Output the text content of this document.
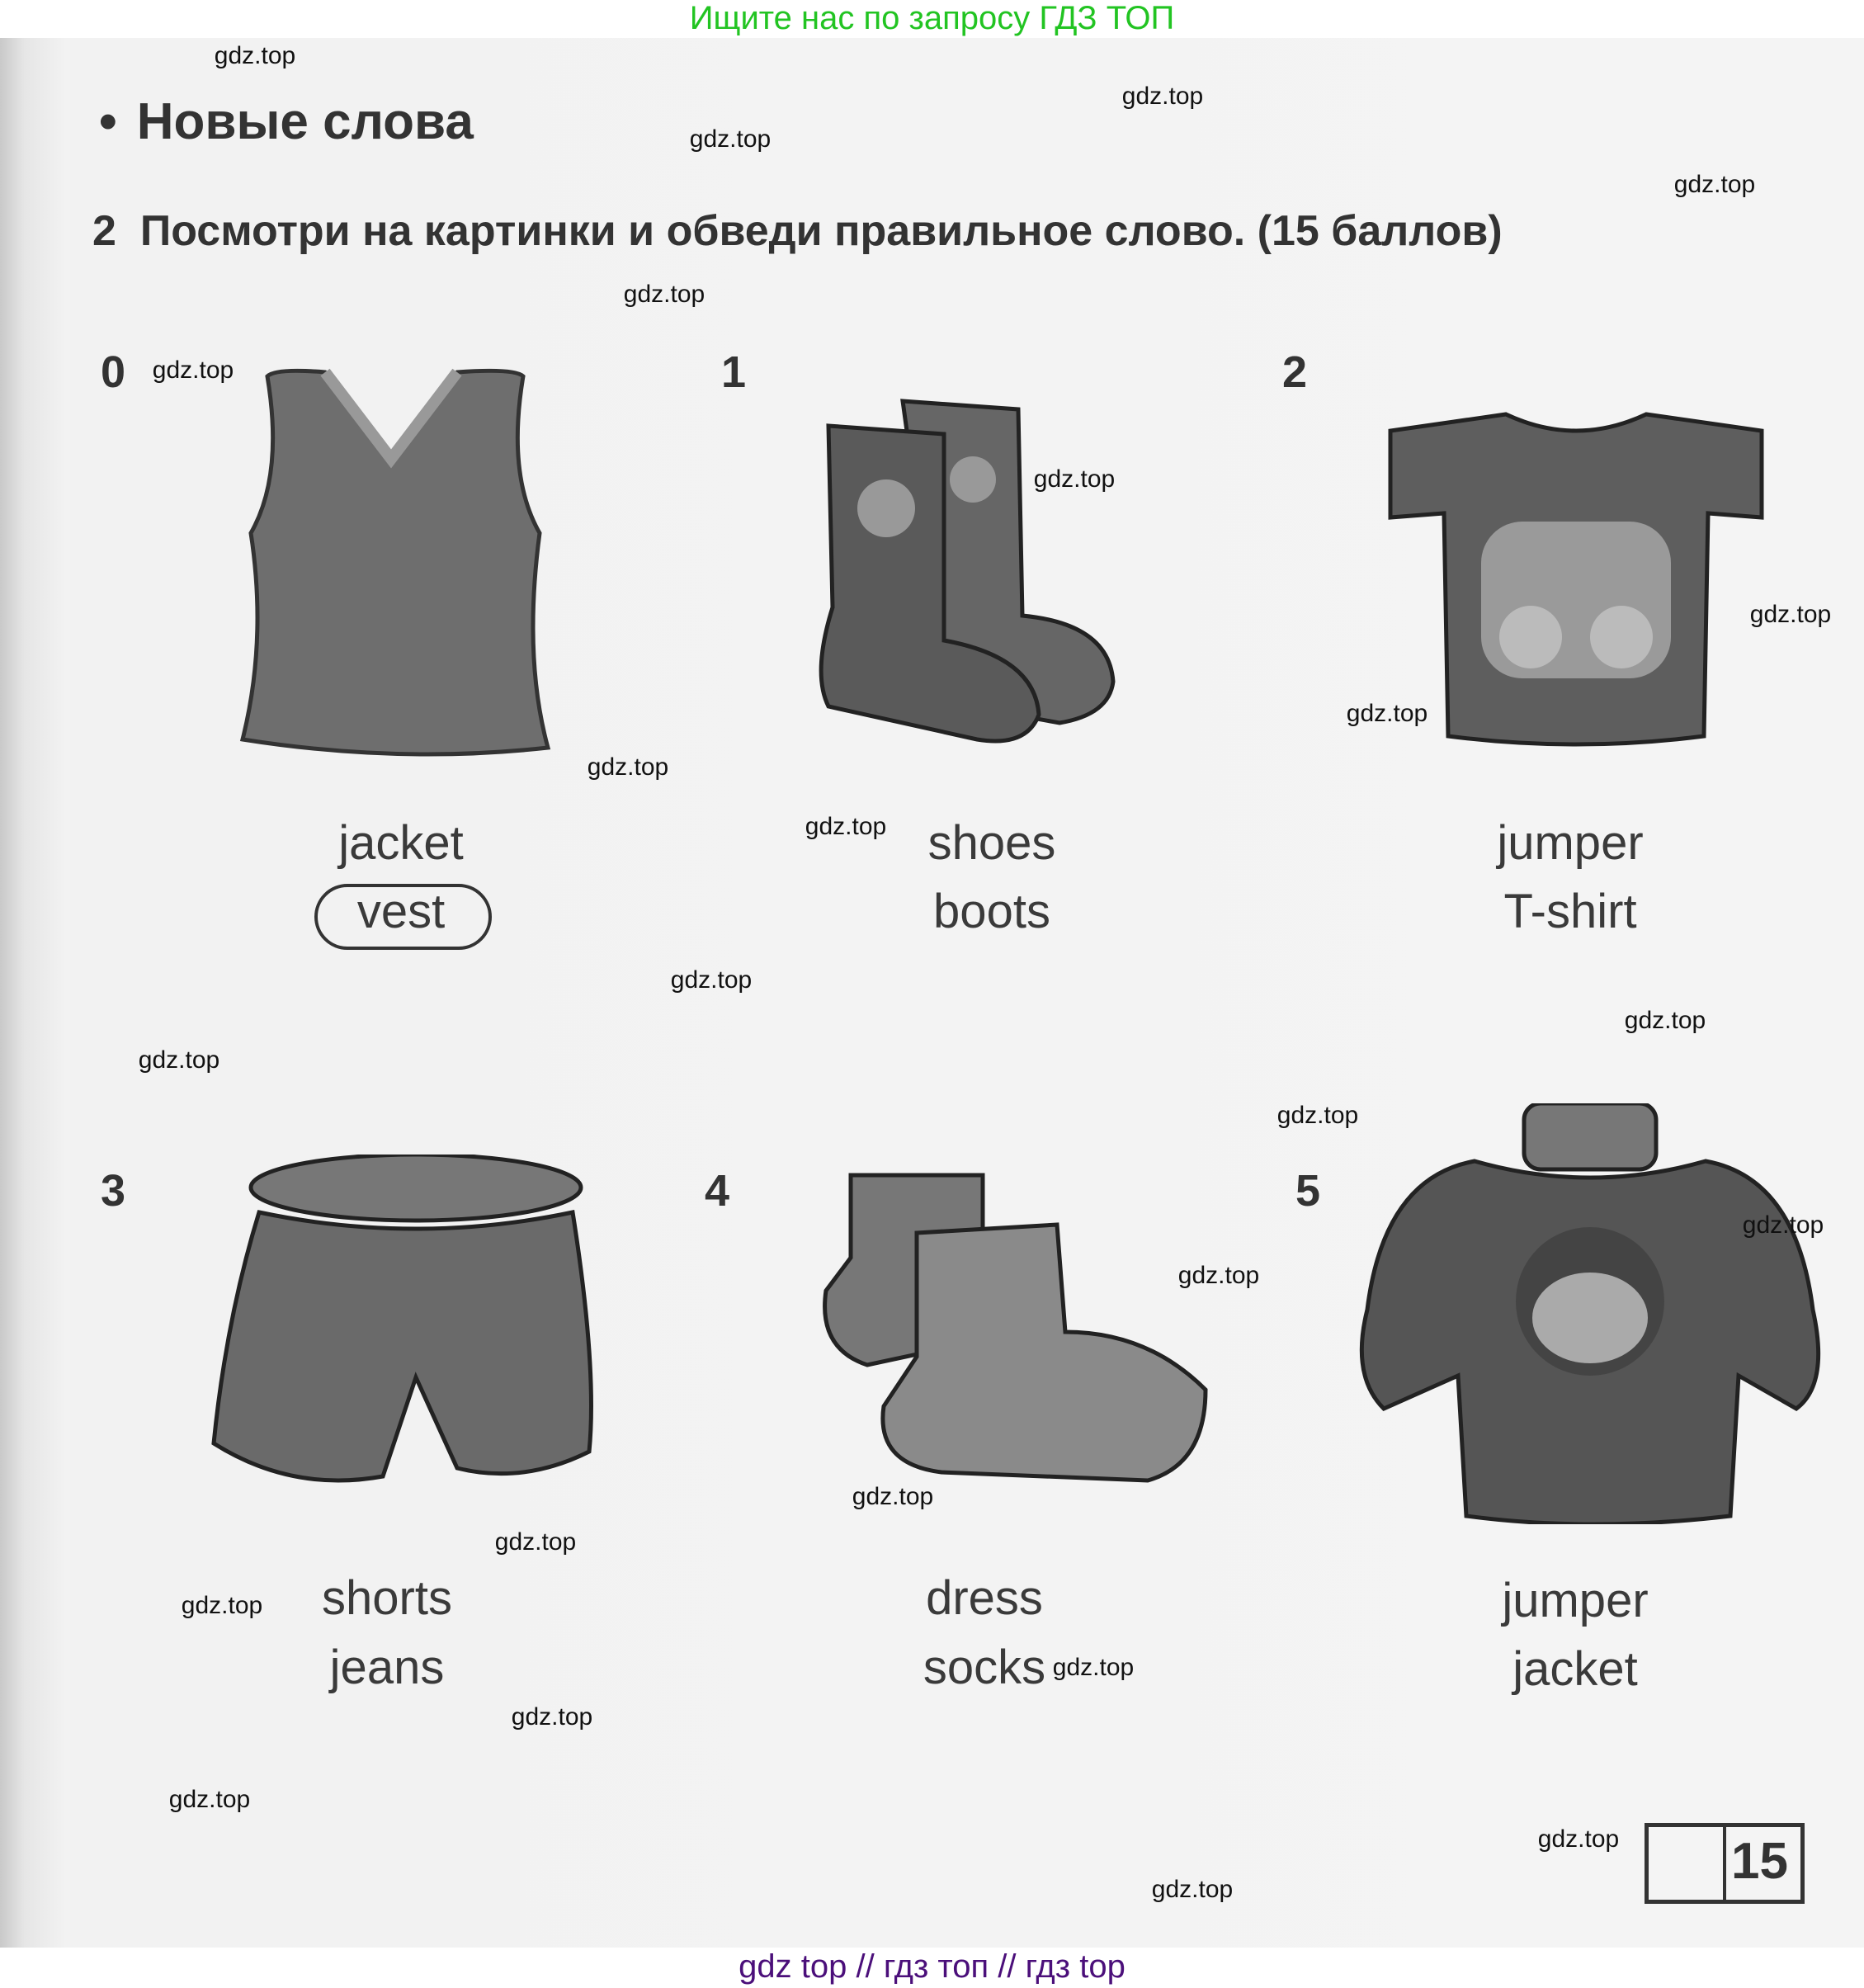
Ищите нас по запросу ГДЗ ТОП
• Новые слова
2 Посмотри на картинки и обведи правильное слово. (15 баллов)
0	1	2
3	4	5
jacket
vest
shoes
boots
jumper
T-shirt
shorts
jeans
dress
socks
jumper
jacket
15
gdz.top
gdz.top
gdz.top
gdz.top
gdz.top
gdz.top
gdz.top
gdz.top
gdz.top
gdz.top
gdz.top
gdz.top
gdz.top
gdz.top
gdz.top
gdz.top
gdz.top
gdz.top
gdz.top
gdz.top
gdz.top
gdz.top
gdz.top
gdz.top
gdz.top
gdz top // гдз топ // гдз top
